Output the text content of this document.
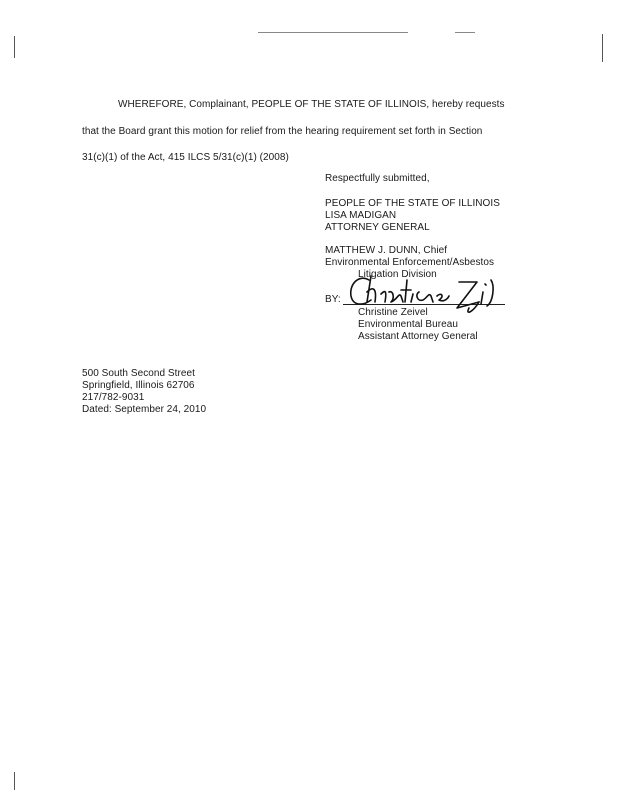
WHEREFORE, Complainant, PEOPLE OF THE STATE OF ILLINOIS, hereby requests
that the Board grant this motion for relief from the hearing requirement set forth in Section
31(c)(1) of the Act, 415 ILCS 5/31(c)(1) (2008)
Respectfully submitted,
PEOPLE OF THE STATE OF ILLINOIS
LISA MADIGAN
ATTORNEY GENERAL
MATTHEW J. DUNN, Chief
Environmental Enforcement/Asbestos
Litigation Division
BY:
Christine Zeivel
Environmental Bureau
Assistant Attorney General
500 South Second Street
Springfield, Illinois 62706
217/782-9031
Dated: September 24, 2010
